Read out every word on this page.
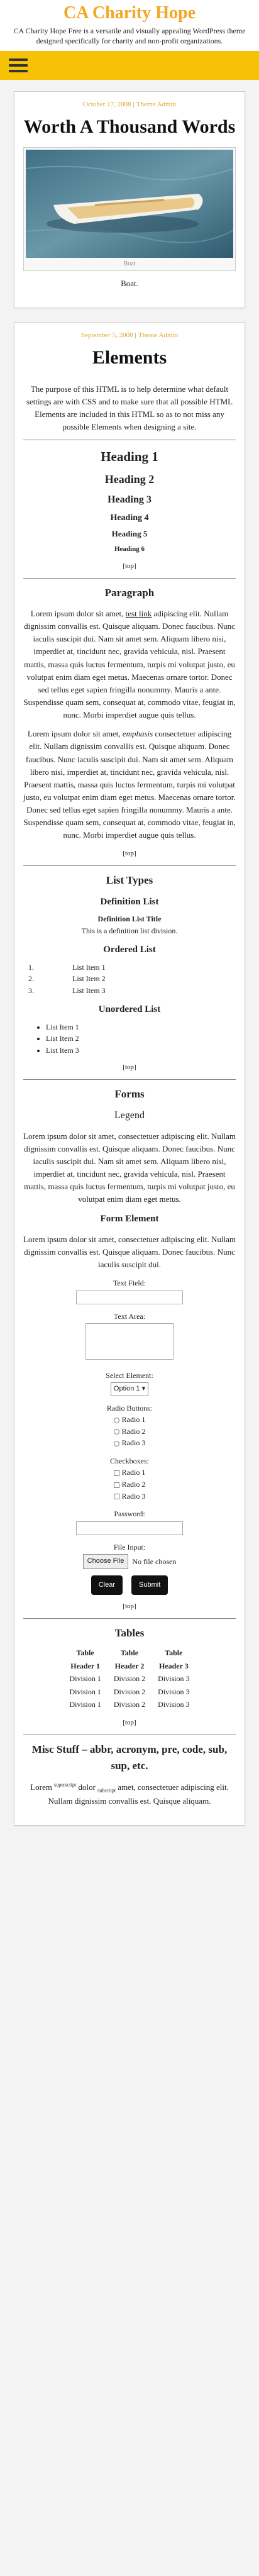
CA Charity Hope

CA Charity Hope Free is a versatile and visually appealing WordPress theme designed specifically for charity and non-profit organizations.

October 17, 2008 | Theme Admin
Worth A Thousand Words
Boat

Boat.

September 5, 2008 | Theme Admin
Elements

The purpose of this HTML is to help determine what default settings are with CSS and to make sure that all possible HTML Elements are included in this HTML so as to not miss any possible Elements when designing a site.

Heading 1
Heading 2
Heading 3
Heading 4
Heading 5
Heading 6
[top]
Paragraph

Lorem ipsum dolor sit amet, test link adipiscing elit. Nullam dignissim convallis est. Quisque aliquam. Donec faucibus. Nunc iaculis suscipit dui. Nam sit amet sem. Aliquam libero nisi, imperdiet at, tincidunt nec, gravida vehicula, nisl. Praesent mattis, massa quis luctus fermentum, turpis mi volutpat justo, eu volutpat enim diam eget metus. Maecenas ornare tortor. Donec sed tellus eget sapien fringilla nonummy. Mauris a ante. Suspendisse quam sem, consequat at, commodo vitae, feugiat in, nunc. Morbi imperdiet augue quis tellus.

Lorem ipsum dolor sit amet, emphasis consectetuer adipiscing elit. Nullam dignissim convallis est. Quisque aliquam. Donec faucibus. Nunc iaculis suscipit dui. Nam sit amet sem. Aliquam libero nisi, imperdiet at, tincidunt nec, gravida vehicula, nisl. Praesent mattis, massa quis luctus fermentum, turpis mi volutpat justo, eu volutpat enim diam eget metus. Maecenas ornare tortor. Donec sed tellus eget sapien fringilla nonummy. Mauris a ante. Suspendisse quam sem, consequat at, commodo vitae, feugiat in, nunc. Morbi imperdiet augue quis tellus.

[top]
List Types
Definition List
Definition List Title
This is a definition list division.
Ordered List
1.	List Item 1
2.	List Item 2
3.	List Item 3
Unordered List
• List Item 1
• List Item 2
• List Item 3
[top]
Forms
Legend

Lorem ipsum dolor sit amet, consectetuer adipiscing elit. Nullam dignissim convallis est. Quisque aliquam. Donec faucibus. Nunc iaculis suscipit dui. Nam sit amet sem. Aliquam libero nisi, imperdiet at, tincidunt nec, gravida vehicula, nisl. Praesent mattis, massa quis luctus fermentum, turpis mi volutpat justo, eu volutpat enim diam eget metus.

Form Element

Lorem ipsum dolor sit amet, consectetuer adipiscing elit. Nullam dignissim convallis est. Quisque aliquam. Donec faucibus. Nunc iaculis suscipit dui.

Text Field:
Text Area:
Select Element:
Option 1 ▾
Radio Buttons:
Radio 1
Radio 2
Radio 3
Checkboxes:
Radio 1
Radio 2
Radio 3
Password:
File Input:
Choose File	No file chosen
Clear	Submit
[top]
Tables
Table	Table	Table
Header 1	Header 2	Header 3
Division 1	Division 2	Division 3
Division 1	Division 2	Division 3
Division 1	Division 2	Division 3
[top]
Misc Stuff – abbr, acronym, pre, code, sub, sup, etc.

Lorem $^{superscript}$ dolor $_{subscript}$ amet, consectetuer adipiscing elit. Nullam dignissim convallis est. Quisque aliquam.
